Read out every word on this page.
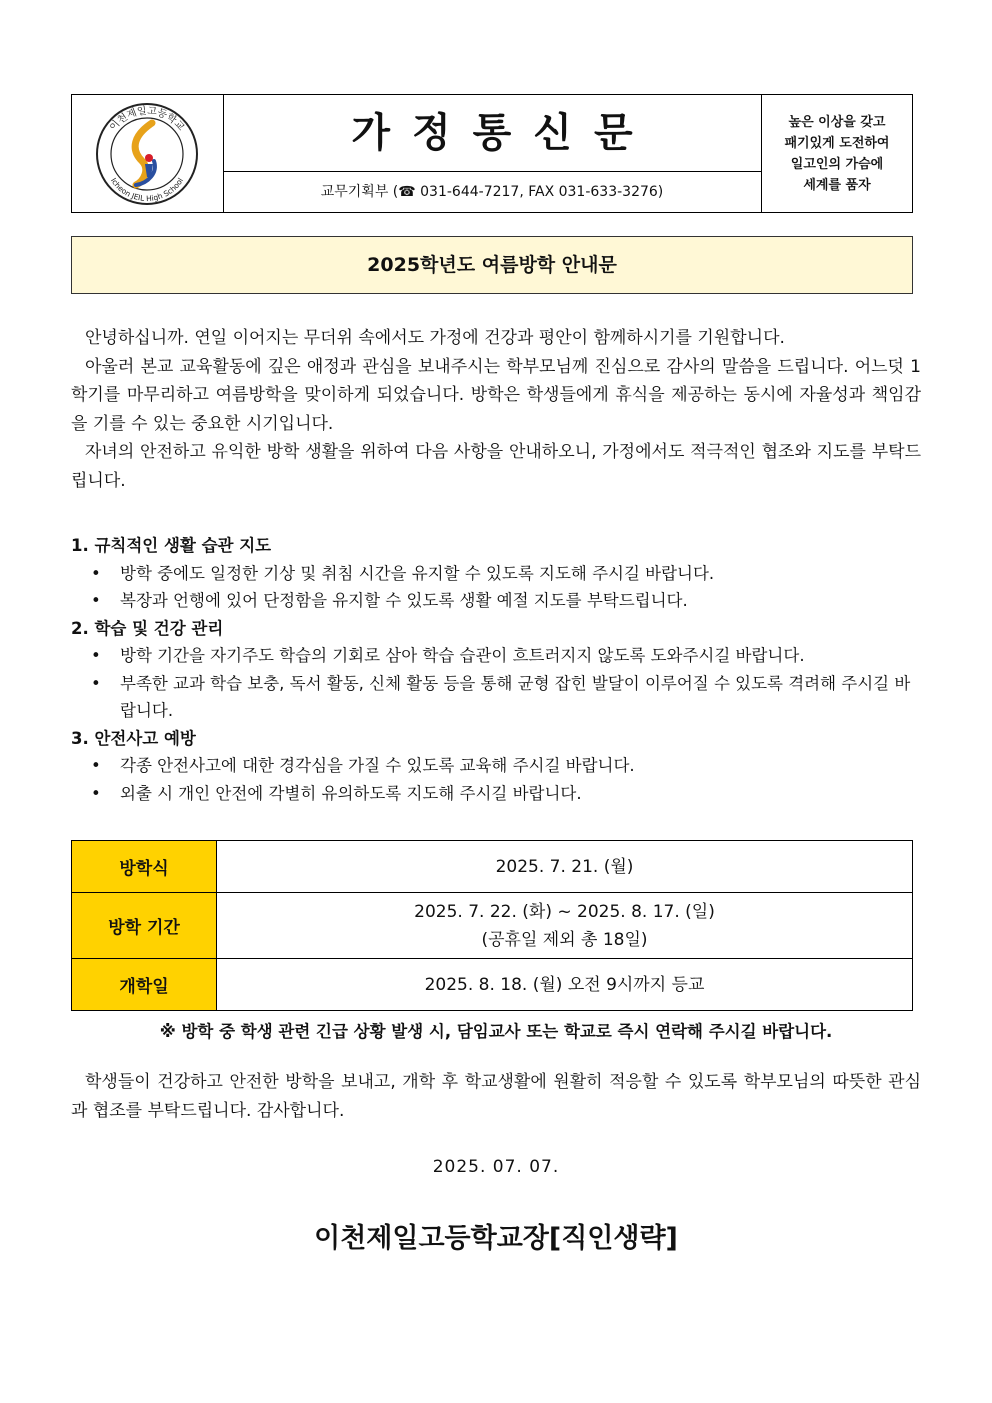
이천제일고등학교
Icheon JEIL High School
가정통신문
교무기획부 (☎ 031-644-7217, FAX 031-633-3276)
높은 이상을 갖고
패기있게 도전하여
일고인의 가슴에
세계를 품자
2025학년도 여름방학 안내문

안녕하십니까. 연일 이어지는 무더위 속에서도 가정에 건강과 평안이 함께하시기를 기원합니다.

아울러 본교 교육활동에 깊은 애정과 관심을 보내주시는 학부모님께 진심으로 감사의 말씀을 드립니다. 어느덧 1학기를 마무리하고 여름방학을 맞이하게 되었습니다. 방학은 학생들에게 휴식을 제공하는 동시에 자율성과 책임감을 기를 수 있는 중요한 시기입니다.

자녀의 안전하고 유익한 방학 생활을 위하여 다음 사항을 안내하오니, 가정에서도 적극적인 협조와 지도를 부탁드립니다.

1. 규칙적인 생활 습관 지도
• 방학 중에도 일정한 기상 및 취침 시간을 유지할 수 있도록 지도해 주시길 바랍니다.
• 복장과 언행에 있어 단정함을 유지할 수 있도록 생활 예절 지도를 부탁드립니다.
2. 학습 및 건강 관리
• 방학 기간을 자기주도 학습의 기회로 삼아 학습 습관이 흐트러지지 않도록 도와주시길 바랍니다.
• 부족한 교과 학습 보충, 독서 활동, 신체 활동 등을 통해 균형 잡힌 발달이 이루어질 수 있도록 격려해 주시길 바랍니다.
3. 안전사고 예방
• 각종 안전사고에 대한 경각심을 가질 수 있도록 교육해 주시길 바랍니다.
• 외출 시 개인 안전에 각별히 유의하도록 지도해 주시길 바랍니다.
방학식	2025. 7. 21. (월)
방학 기간	2025. 7. 22. (화) ~ 2025. 8. 17. (일)
(공휴일 제외 총 18일)

개학일	2025. 8. 18. (월) 오전 9시까지 등교
※ 방학 중 학생 관련 긴급 상황 발생 시, 담임교사 또는 학교로 즉시 연락해 주시길 바랍니다.

학생들이 건강하고 안전한 방학을 보내고, 개학 후 학교생활에 원활히 적응할 수 있도록 학부모님의 따뜻한 관심과 협조를 부탁드립니다. 감사합니다.

2025. 07. 07.
이천제일고등학교장[직인생략]
